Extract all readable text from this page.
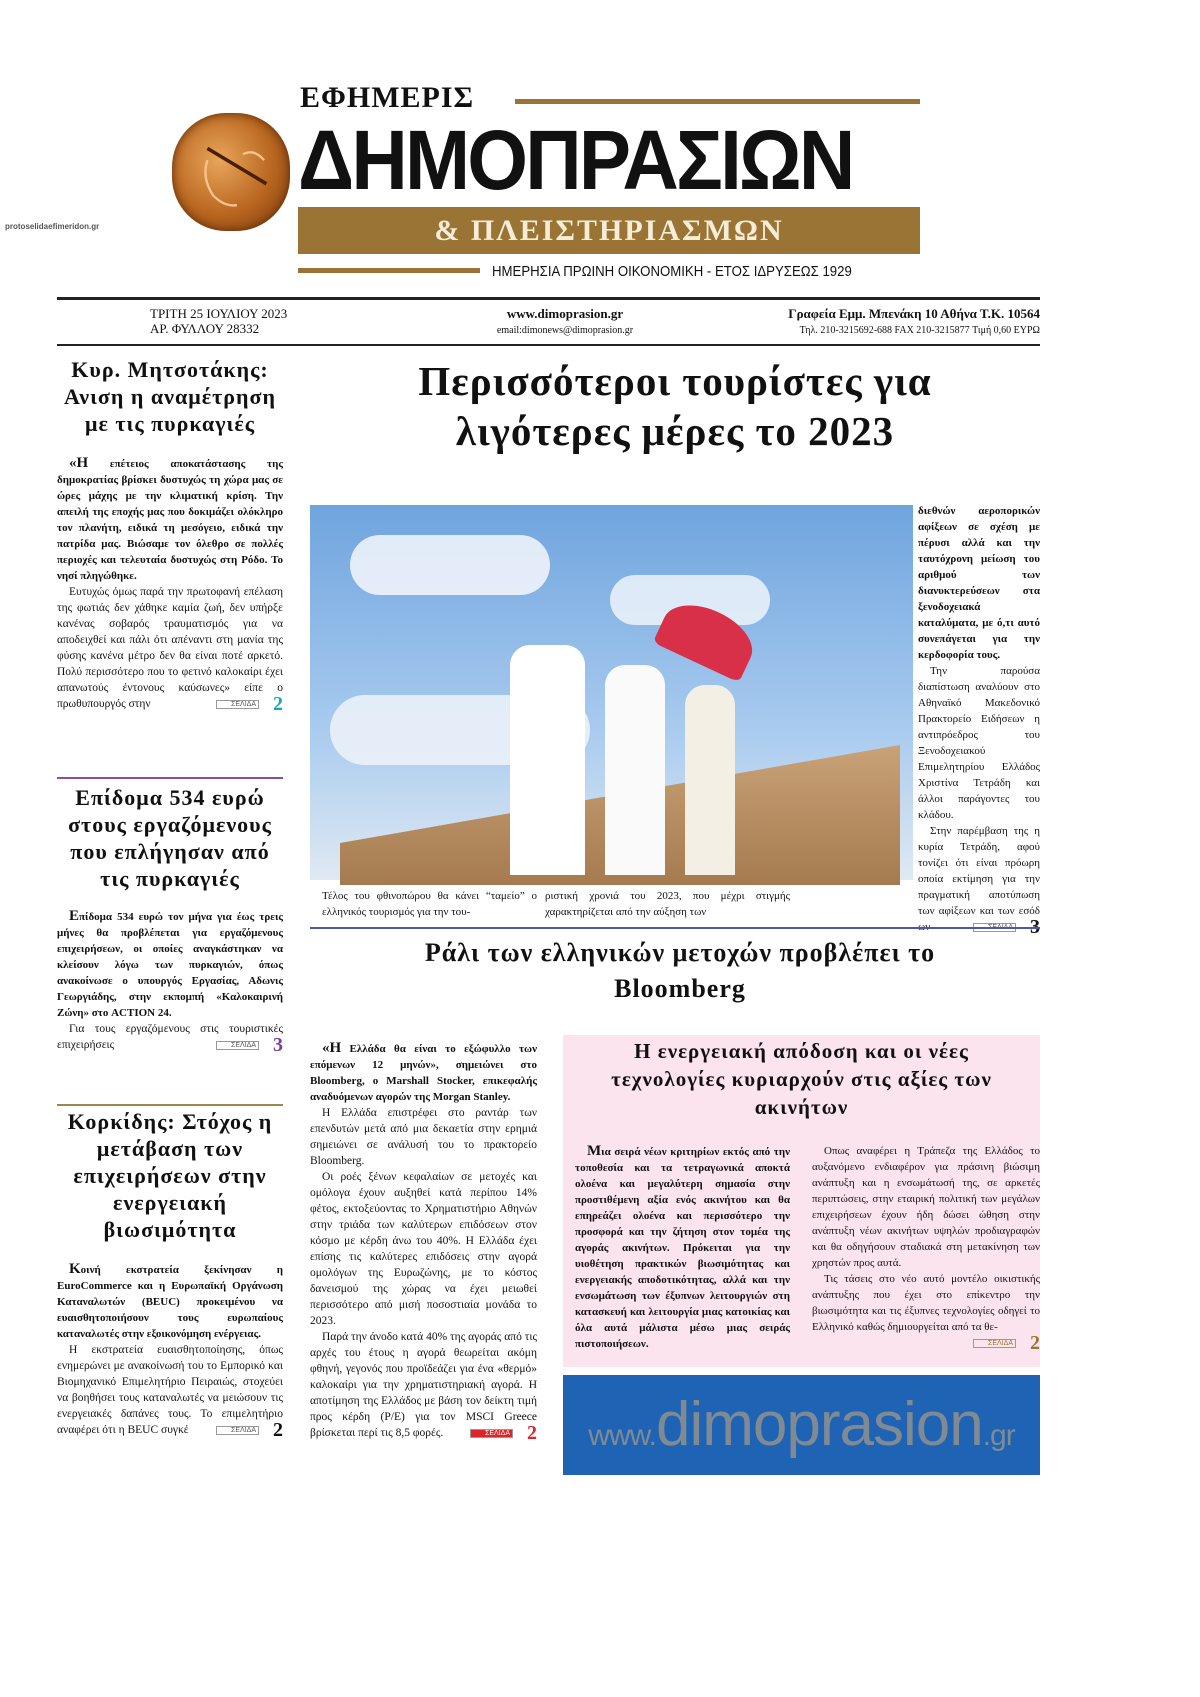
protoselidaefimeridon.gr
ΕΦΗΜΕΡΙΣ
ΔΗΜΟΠΡΑΣΙΩΝ
& ΠΛΕΙΣΤΗΡΙΑΣΜΩΝ
ΗΜΕΡΗΣΙΑ ΠΡΩΙΝΗ ΟΙΚΟΝΟΜΙΚΗ - ΕΤΟΣ ΙΔΡΥΣΕΩΣ 1929
ΤΡΙΤΗ 25 ΙΟΥΛΙΟΥ 2023
ΑΡ. ΦΥΛΛΟΥ 28332
www.dimoprasion.gr
email:dimonews@dimoprasion.gr
Γραφεία Εμμ. Μπενάκη 10 Αθήνα Τ.Κ. 10564
Τηλ. 210-3215692-688 FAX 210-3215877 Τιμή 0,60 ΕΥΡΩ
Κυρ. Μητσοτάκης: Ανιση η αναμέτρηση με τις πυρκαγιές

«Η επέτειος αποκατάστασης της δημοκρατίας βρίσκει δυστυχώς τη χώρα μας σε ώρες μάχης με την κλιματική κρίση. Την απειλή της εποχής μας που δοκιμάζει ολόκληρο τον πλανήτη, ειδικά τη μεσόγειο, ειδικά την πατρίδα μας. Βιώσαμε τον όλεθρο σε πολλές περιοχές και τελευταία δυστυχώς στη Ρόδο. Το νησί πληγώθηκε.

Ευτυχώς όμως παρά την πρωτοφανή επέλαση της φωτιάς δεν χάθηκε καμία ζωή, δεν υπήρξε κανένας σοβαρός τραυματισμός για να αποδειχθεί και πάλι ότι απέναντι στη μανία της φύσης κανένα μέτρο δεν θα είναι ποτέ αρκετό. Πολύ περισσότερο που το φετινό καλοκαίρι έχει απανωτούς έντονους καύσωνες» είπε ο πρωθυπουργός στην	ΣΕΛΙΔΑ 2

Επίδομα 534 ευρώ στους εργαζόμενους που επλήγησαν από τις πυρκαγιές

Επίδομα 534 ευρώ τον μήνα για έως τρεις μήνες θα προβλέπεται για εργαζόμενους επιχειρήσεων, οι οποίες αναγκάστηκαν να κλείσουν λόγω των πυρκαγιών, όπως ανακοίνωσε ο υπουργός Εργασίας, Αδωνις Γεωργιάδης, στην εκπομπή «Καλοκαιρινή Ζώνη» στο ACTION 24.

Για τους εργαζόμενους στις τουριστικές επιχειρήσεις	ΣΕΛΙΔΑ 3

Κορκίδης: Στόχος η μετάβαση των επιχειρήσεων στην ενεργειακή βιωσιμότητα

Κοινή εκστρατεία ξεκίνησαν η EuroCommerce και η Ευρωπαϊκή Οργάνωση Καταναλωτών (BEUC) προκειμένου να ευαισθητοποιήσουν τους ευρωπαίους καταναλωτές στην εξοικονόμηση ενέργειας.

Η εκστρατεία ευαισθητοποίησης, όπως ενημερώνει με ανακοίνωσή του το Εμπορικό και Βιομηχανικό Επιμελητήριο Πειραιώς, στοχεύει να βοηθήσει τους καταναλωτές να μειώσουν τις ενεργειακές δαπάνες τους. Το επιμελητήριο αναφέρει ότι η BEUC συγκέ	ΣΕΛΙΔΑ 2

Περισσότεροι τουρίστες για λιγότερες μέρες το 2023
Τέλος του φθινοπώρου θα κάνει “ταμείο” ο ελληνικός τουρισμός για την του-
ριστική χρονιά του 2023, που μέχρι στιγμής χαρακτηρίζεται από την αύξηση των

διεθνών αεροπορικών αφίξεων σε σχέση με πέρυσι αλλά και την ταυτόχρονη μείωση του αριθμού των διανυκτερεύσεων στα ξενοδοχειακά καταλύματα, με ό,τι αυτό συνεπάγεται για την κερδοφορία τους.

Την παρούσα διαπίστωση αναλύουν στο Αθηναϊκό Μακεδονικό Πρακτορείο Ειδήσεων η αντιπρόεδρος του Ξενοδοχειακού Επιμελητηρίου Ελλάδος Χριστίνα Τετράδη και άλλοι παράγοντες του κλάδου.

Στην παρέμβαση της η κυρία Τετράδη, αφού τονίζει ότι είναι πρόωρη οποία εκτίμηση για την πραγματική αποτύπωση των αφίξεων και των εσόδ

Ράλι των ελληνικών μετοχών προβλέπει το Bloomberg

«Η Ελλάδα θα είναι το εξώφυλλο των επόμενων 12 μηνών», σημειώνει στο Bloomberg, ο Marshall Stocker, επικεφαλής αναδυόμενων αγορών της Morgan Stanley.

Η Ελλάδα επιστρέφει στο ραντάρ των επενδυτών μετά από μια δεκαετία στην ερημιά σημειώνει σε ανάλυσή του το πρακτορείο Bloomberg.

Οι ροές ξένων κεφαλαίων σε μετοχές και ομόλογα έχουν αυξηθεί κατά περίπου 14% φέτος, εκτοξεύοντας το Χρηματιστήριο Αθηνών στην τριάδα των καλύτερων επιδόσεων στον κόσμο με κέρδη άνω του 40%. Η Ελλάδα έχει επίσης τις καλύτερες επιδόσεις στην αγορά ομολόγων της Ευρωζώνης, με το κόστος δανεισμού της χώρας να έχει μειωθεί περισσότερο από μισή ποσοστιαία μονάδα το 2023.

Παρά την άνοδο κατά 40% της αγοράς από τις αρχές του έτους η αγορά θεωρείται ακόμη φθηνή, γεγονός που προϊδεάζει για ένα «θερμό» καλοκαίρι για την χρηματιστηριακή αγορά. Η αποτίμηση της Ελλάδος με βάση τον δείκτη τιμή προς κέρδη (P/E) για τον MSCI Greece βρίσκεται περί τις 8,5 φορές.	ΣΕΛΙΔΑ 2

Η ενεργειακή απόδοση και οι νέες τεχνολογίες κυριαρχούν στις αξίες των ακινήτων

Μια σειρά νέων κριτηρίων εκτός από την τοποθεσία και τα τετραγωνικά αποκτά ολοένα και μεγαλύτερη σημασία στην προστιθέμενη αξία ενός ακινήτου και θα επηρεάζει ολοένα και περισσότερο την προσφορά και την ζήτηση στον τομέα της αγοράς ακινήτων. Πρόκειται για την υιοθέτηση πρακτικών βιωσιμότητας και ενεργειακής αποδοτικότητας, αλλά και την ενσωμάτωση των έξυπνων λειτουργιών στη κατασκευή και λειτουργία μιας κατοικίας και όλα αυτά μάλιστα μέσω μιας σειράς πιστοποιήσεων.

Οπως αναφέρει η Τράπεζα της Ελλάδος το αυξανόμενο ενδιαφέρον για πράσινη βιώσιμη ανάπτυξη και η ενσωμάτωσή της, σε αρκετές περιπτώσεις, στην εταιρική πολιτική των μεγάλων επιχειρήσεων έχουν ήδη δώσει ώθηση στην ανάπτυξη νέων ακινήτων υψηλών προδιαγραφών και θα οδηγήσουν σταδιακά στη μετακίνηση των χρηστών προς αυτά.

Τις τάσεις στο νέο αυτό μοντέλο οικιστικής ανάπτυξης που έχει στο επίκεντρο την βιωσιμότητα και τις έξυπνες τεχνολογίες οδηγεί το Ελληνικό καθώς δημιουργείται από τα θε-
ΣΕΛΙΔΑ 2

www.dimoprasion.gr
